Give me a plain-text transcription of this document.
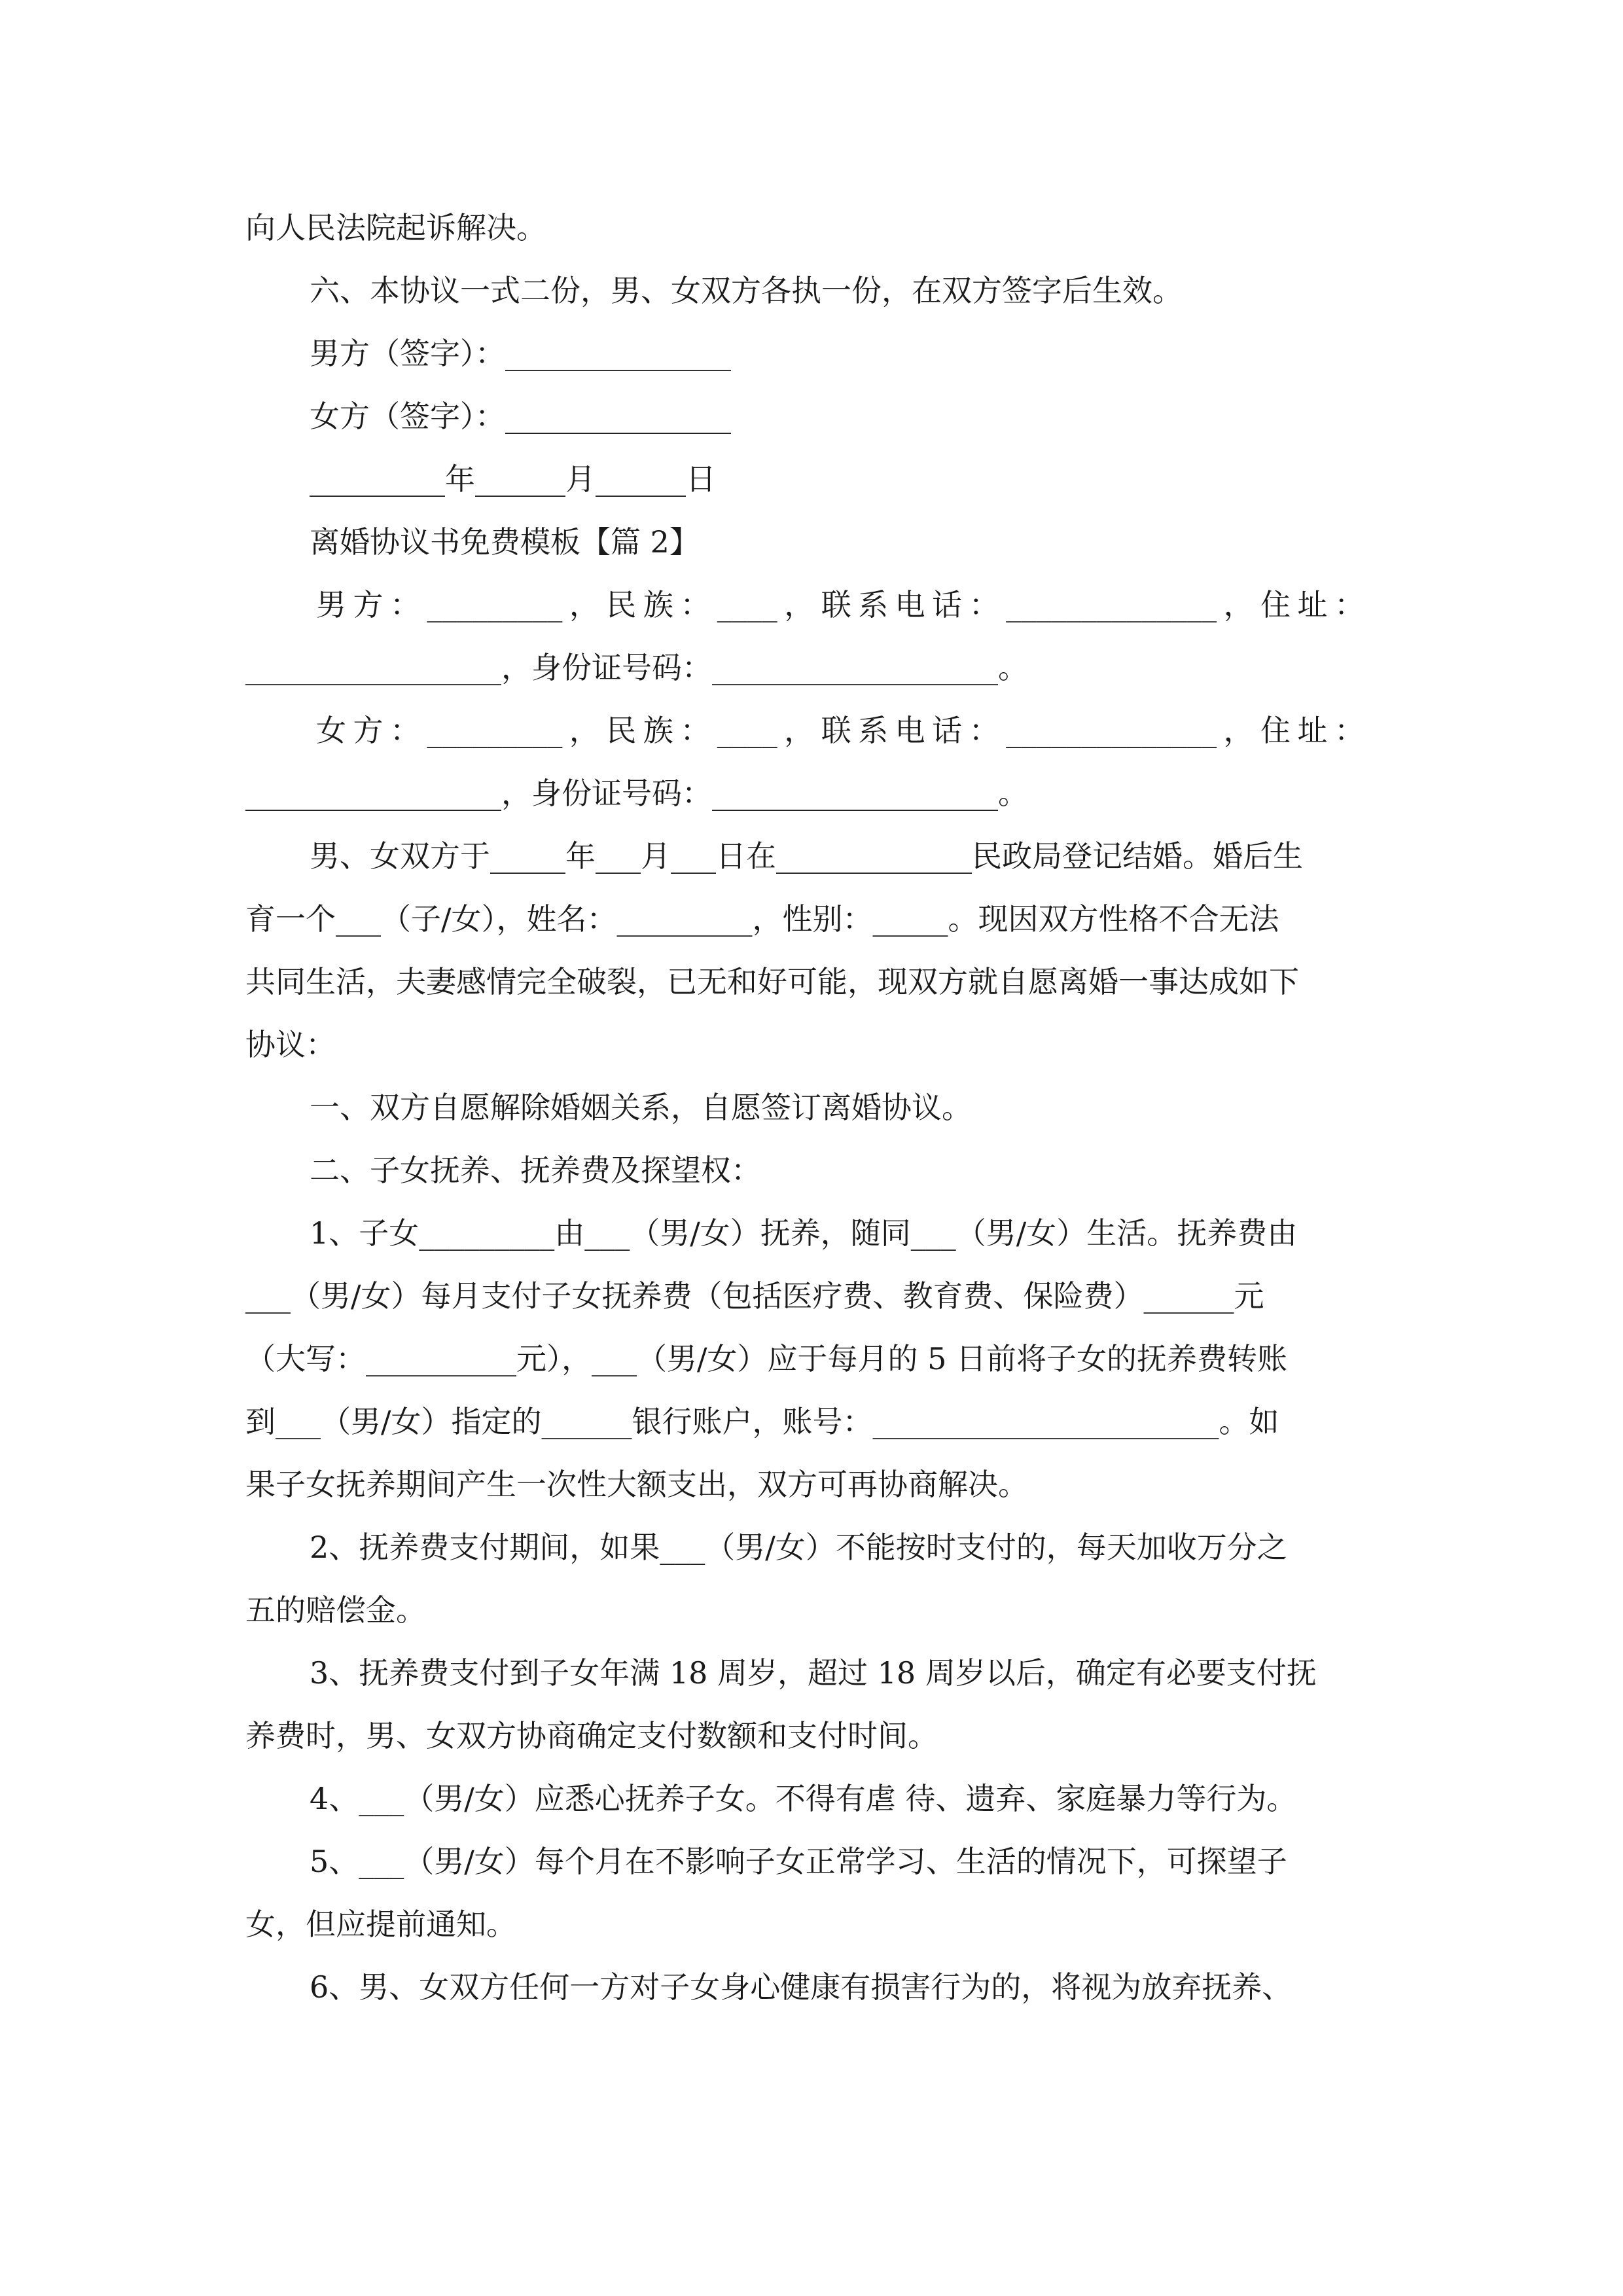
向人民法院起诉解决。
六、本协议一式二份，男、女双方各执一份，在双方签字后生效。
男方（签字）：_______________
女方（签字）：_______________
_________年______月______日
离婚协议书免费模板【篇 2】
男方：_________，民族：____，联系电话：______________，住址：
_________________，身份证号码：___________________。
女方：_________，民族：____，联系电话：______________，住址：
_________________，身份证号码：___________________。
男、女双方于_____年___月___日在_____________民政局登记结婚。婚后生
育一个___（子/女），姓名：_________，性别：_____。现因双方性格不合无法
共同生活，夫妻感情完全破裂，已无和好可能，现双方就自愿离婚一事达成如下
协议：
一、双方自愿解除婚姻关系，自愿签订离婚协议。
二、子女抚养、抚养费及探望权：
1、子女_________由___（男/女）抚养，随同___（男/女）生活。抚养费由
___（男/女）每月支付子女抚养费（包括医疗费、教育费、保险费）______元
（大写：__________元），___（男/女）应于每月的 5 日前将子女的抚养费转账
到___（男/女）指定的______银行账户，账号：_______________________。如
果子女抚养期间产生一次性大额支出，双方可再协商解决。
2、抚养费支付期间，如果___（男/女）不能按时支付的，每天加收万分之
五的赔偿金。
3、抚养费支付到子女年满 18 周岁，超过 18 周岁以后，确定有必要支付抚
养费时，男、女双方协商确定支付数额和支付时间。
4、___（男/女）应悉心抚养子女。不得有虐 待、遗弃、家庭暴力等行为。
5、___（男/女）每个月在不影响子女正常学习、生活的情况下，可探望子
女，但应提前通知。
6、男、女双方任何一方对子女身心健康有损害行为的，将视为放弃抚养、
